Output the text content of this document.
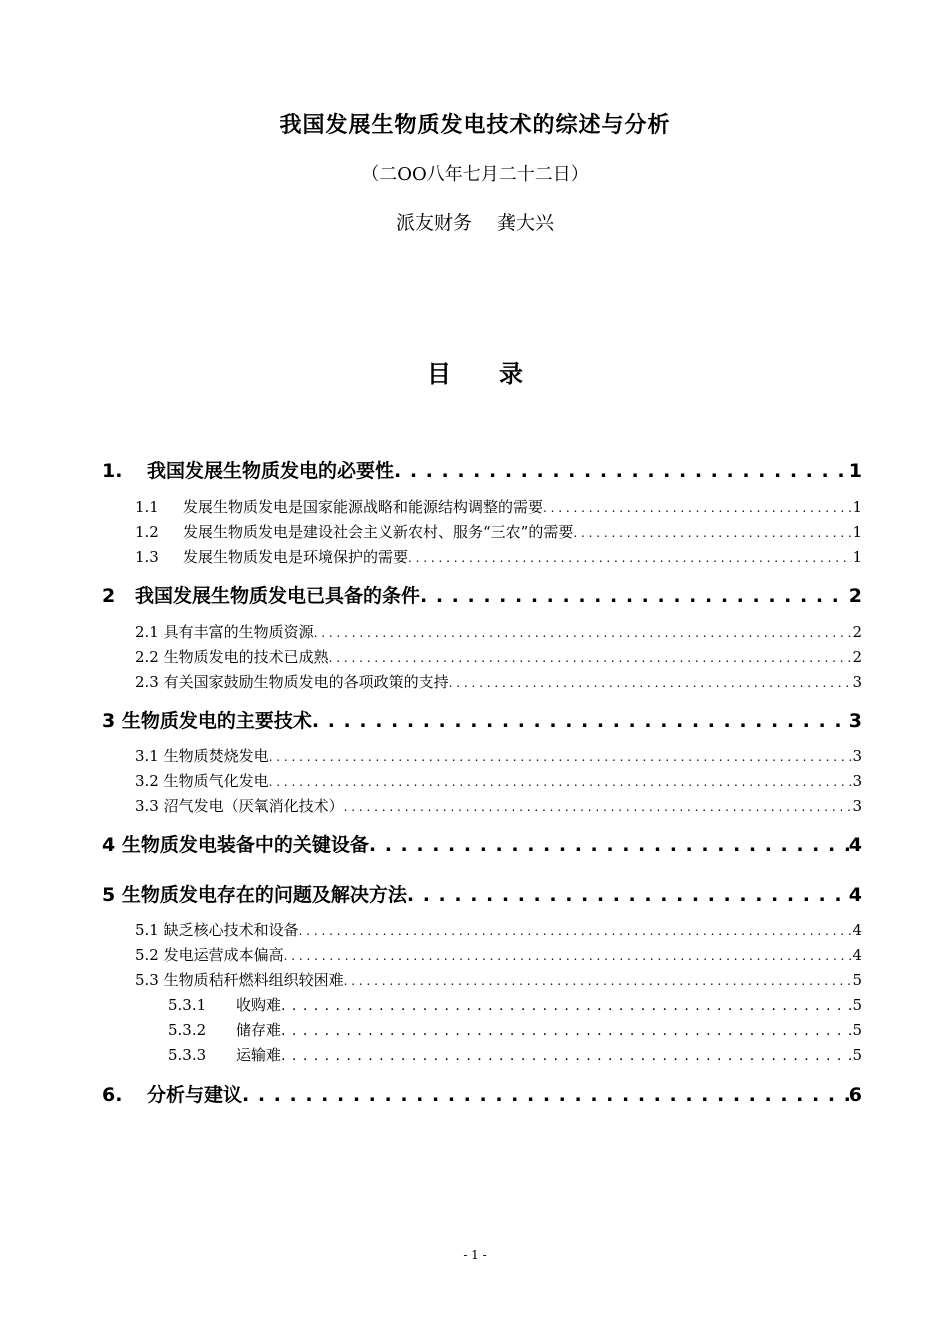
我国发展生物质发电技术的综述与分析
（二OO八年七月二十二日）
派友财务　 龚大兴
目　　录
1. 我国发展生物质发电的必要性 . . .	1
1.1 发展生物质发电是国家能源战略和能源结构调整的需要 . . .	1
1.2 发展生物质发电是建设社会主义新农村、服务“三农”的需要 . . .	1
1.3 发展生物质发电是环境保护的需要 . . .	1
2 我国发展生物质发电已具备的条件 . . .	2
2.1 具有丰富的生物质资源 . . .	2
2.2 生物质发电的技术已成熟 . . .	2
2.3 有关国家鼓励生物质发电的各项政策的支持 . . .	3
3 生物质发电的主要技术 . . .	3
3.1 生物质焚烧发电 . . .	3
3.2 生物质气化发电 . . .	3
3.3 沼气发电（厌氧消化技术） . . .	3
4 生物质发电装备中的关键设备 . . .	4
5 生物质发电存在的问题及解决方法 . . .	4
5.1 缺乏核心技术和设备 . . .	4
5.2 发电运营成本偏高 . . .	4
5.3 生物质秸秆燃料组织较困难 . . .	5
5.3.1 收购难 . . .	5
5.3.2 储存难 . . .	5
5.3.3 运输难 . . .	5
6. 分析与建议 . . .	6
- 1 -
